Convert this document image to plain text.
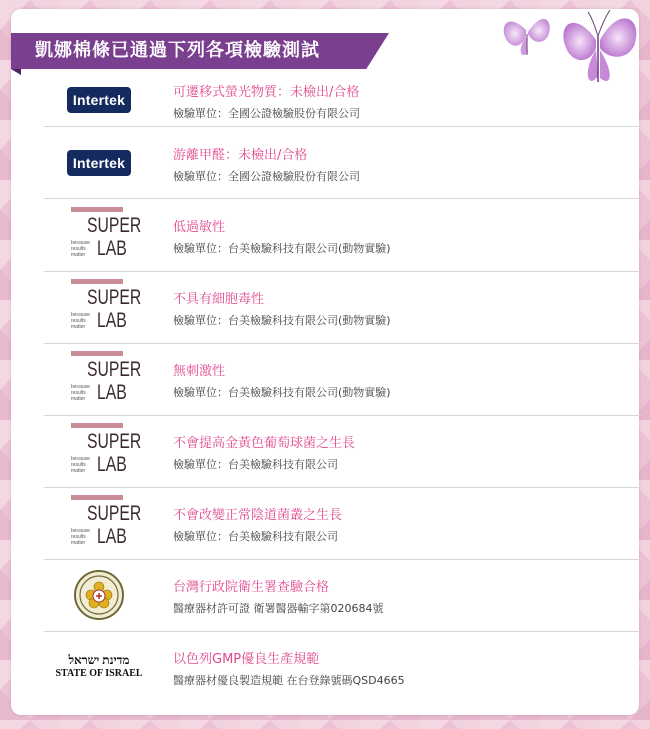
凱娜棉條已通過下列各項檢驗測試
Intertek	可遷移式螢光物質：未檢出/合格
檢驗單位：全國公證檢驗股份有限公司
Intertek	游離甲醛：未檢出/合格
檢驗單位：全國公證檢驗股份有限公司
SUPER
because
results
matter LAB
低過敏性
檢驗單位：台美檢驗科技有限公司(動物實驗)
SUPER
because
results
matter LAB
不具有細胞毒性
檢驗單位：台美檢驗科技有限公司(動物實驗)
SUPER
because
results
matter LAB
無刺激性
檢驗單位：台美檢驗科技有限公司(動物實驗)
SUPER
because
results
matter LAB
不會提高金黃色葡萄球菌之生長
檢驗單位：台美檢驗科技有限公司
SUPER
because
results
matter LAB
不會改變正常陰道菌叢之生長
檢驗單位：台美檢驗科技有限公司
台灣行政院衛生署查驗合格
醫療器材許可證 衛署醫器輸字第020684號
מדינת ישראל
STATE OF ISRAEL
以色列GMP優良生產規範
醫療器材優良製造規範 在台登錄號碼QSD4665
